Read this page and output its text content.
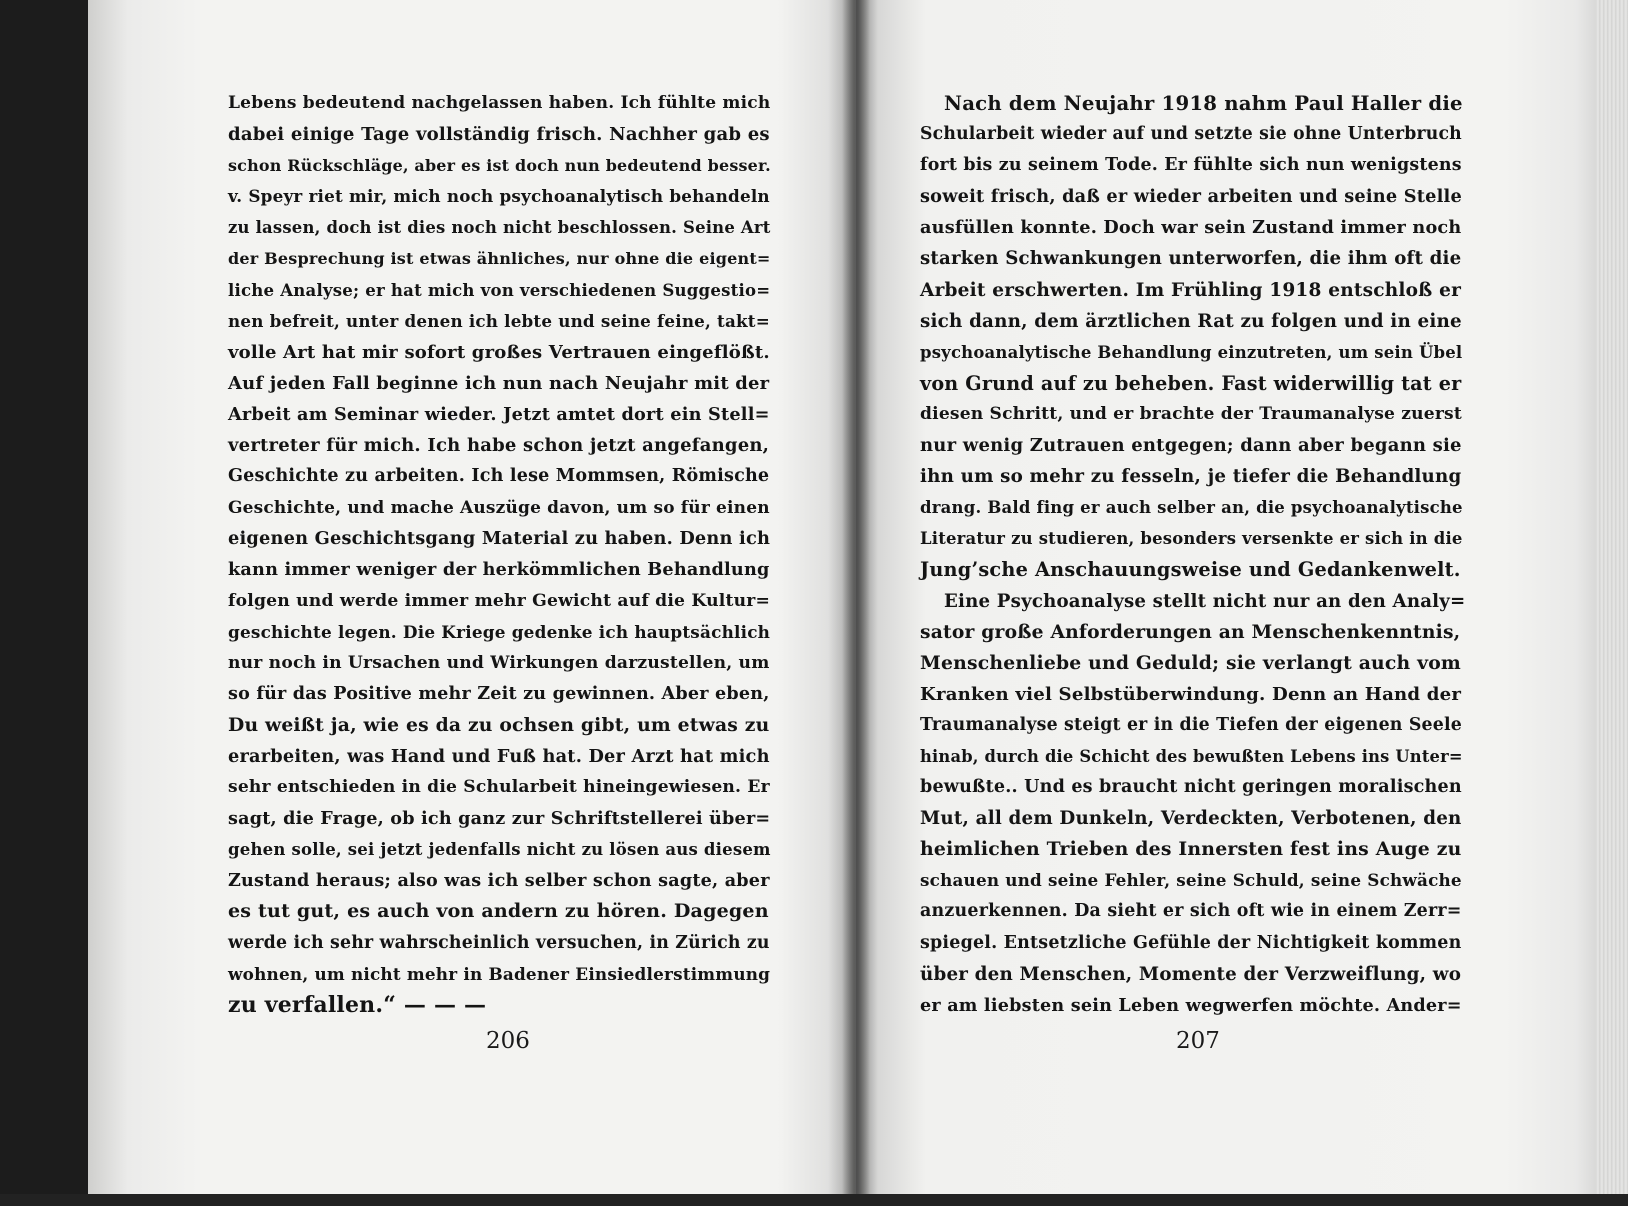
Lebens bedeutend nachgelassen haben. Ich fühlte mich
dabei einige Tage vollständig frisch. Nachher gab es
schon Rückschläge, aber es ist doch nun bedeutend besser.
v. Speyr riet mir, mich noch psychoanalytisch behandeln
zu lassen, doch ist dies noch nicht beschlossen. Seine Art
der Besprechung ist etwas ähnliches, nur ohne die eigent=
liche Analyse; er hat mich von verschiedenen Suggestio=
nen befreit, unter denen ich lebte und seine feine, takt=
volle Art hat mir sofort großes Vertrauen eingeflößt.
Auf jeden Fall beginne ich nun nach Neujahr mit der
Arbeit am Seminar wieder. Jetzt amtet dort ein Stell=
vertreter für mich. Ich habe schon jetzt angefangen,
Geschichte zu arbeiten. Ich lese Mommsen, Römische
Geschichte, und mache Auszüge davon, um so für einen
eigenen Geschichtsgang Material zu haben. Denn ich
kann immer weniger der herkömmlichen Behandlung
folgen und werde immer mehr Gewicht auf die Kultur=
geschichte legen. Die Kriege gedenke ich hauptsächlich
nur noch in Ursachen und Wirkungen darzustellen, um
so für das Positive mehr Zeit zu gewinnen. Aber eben,
Du weißt ja, wie es da zu ochsen gibt, um etwas zu
erarbeiten, was Hand und Fuß hat. Der Arzt hat mich
sehr entschieden in die Schularbeit hineingewiesen. Er
sagt, die Frage, ob ich ganz zur Schriftstellerei über=
gehen solle, sei jetzt jedenfalls nicht zu lösen aus diesem
Zustand heraus; also was ich selber schon sagte, aber
es tut gut, es auch von andern zu hören. Dagegen
werde ich sehr wahrscheinlich versuchen, in Zürich zu
wohnen, um nicht mehr in Badener Einsiedlerstimmung
zu verfallen.“ — — —
206
Nach dem Neujahr 1918 nahm Paul Haller die
Schularbeit wieder auf und setzte sie ohne Unterbruch
fort bis zu seinem Tode. Er fühlte sich nun wenigstens
soweit frisch, daß er wieder arbeiten und seine Stelle
ausfüllen konnte. Doch war sein Zustand immer noch
starken Schwankungen unterworfen, die ihm oft die
Arbeit erschwerten. Im Frühling 1918 entschloß er
sich dann, dem ärztlichen Rat zu folgen und in eine
psychoanalytische Behandlung einzutreten, um sein Übel
von Grund auf zu beheben. Fast widerwillig tat er
diesen Schritt, und er brachte der Traumanalyse zuerst
nur wenig Zutrauen entgegen; dann aber begann sie
ihn um so mehr zu fesseln, je tiefer die Behandlung
drang. Bald fing er auch selber an, die psychoanalytische
Literatur zu studieren, besonders versenkte er sich in die
Jung’sche Anschauungsweise und Gedankenwelt.
Eine Psychoanalyse stellt nicht nur an den Analy=
sator große Anforderungen an Menschenkenntnis,
Menschenliebe und Geduld; sie verlangt auch vom
Kranken viel Selbstüberwindung. Denn an Hand der
Traumanalyse steigt er in die Tiefen der eigenen Seele
hinab, durch die Schicht des bewußten Lebens ins Unter=
bewußte.. Und es braucht nicht geringen moralischen
Mut, all dem Dunkeln, Verdeckten, Verbotenen, den
heimlichen Trieben des Innersten fest ins Auge zu
schauen und seine Fehler, seine Schuld, seine Schwäche
anzuerkennen. Da sieht er sich oft wie in einem Zerr=
spiegel. Entsetzliche Gefühle der Nichtigkeit kommen
über den Menschen, Momente der Verzweiflung, wo
er am liebsten sein Leben wegwerfen möchte. Ander=
207
